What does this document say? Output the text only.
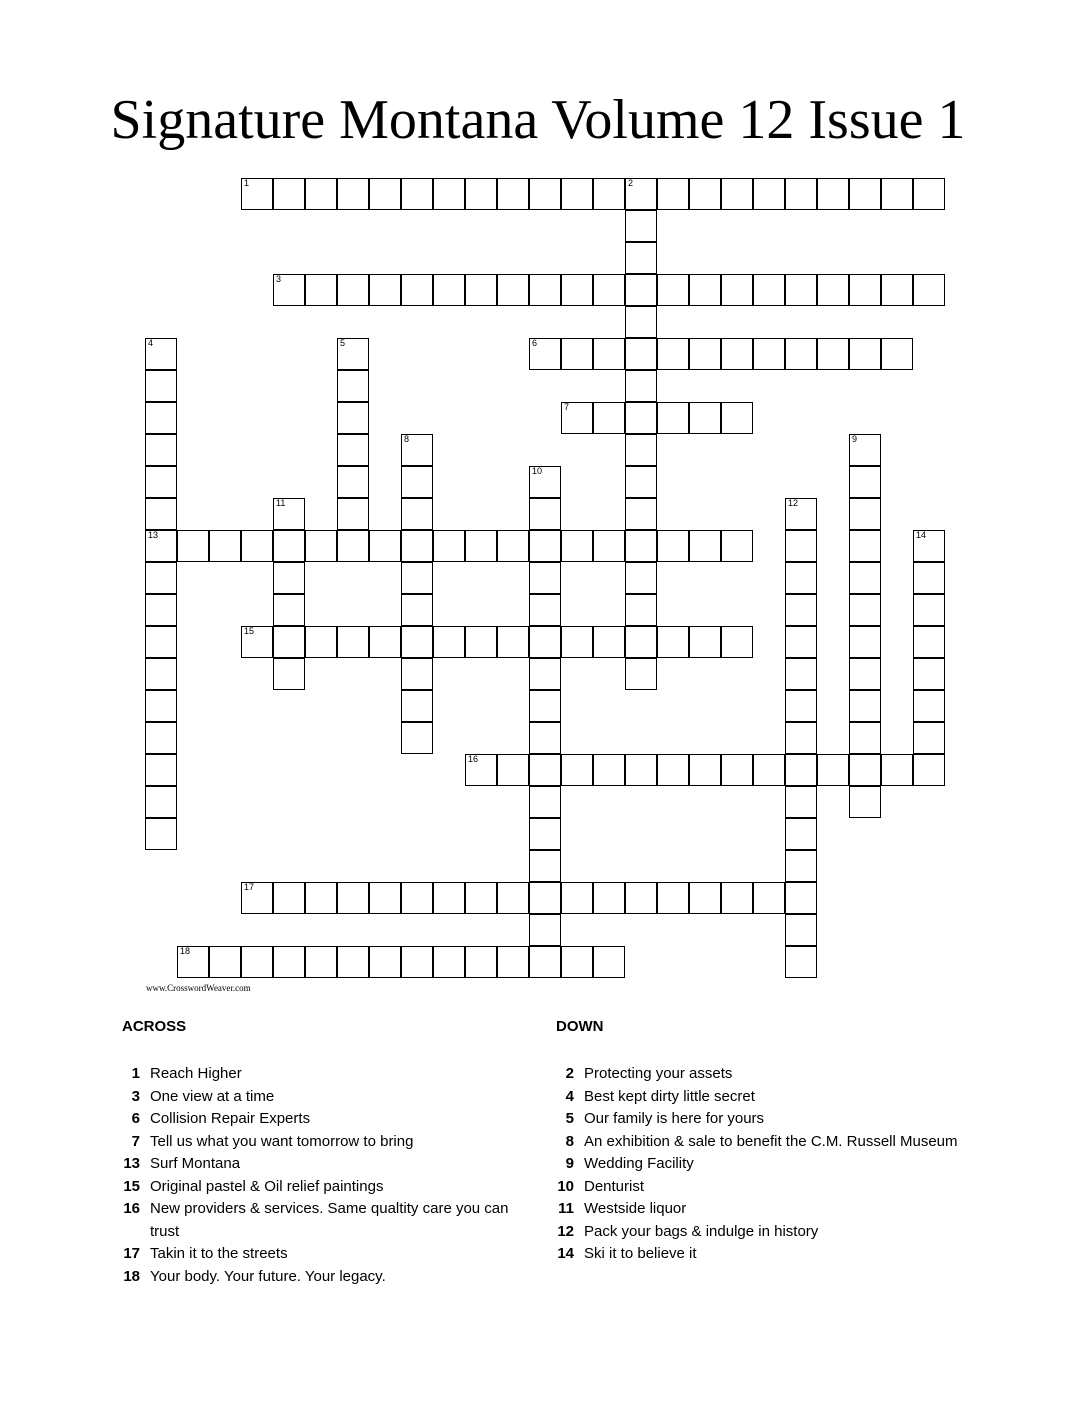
Signature Montana Volume 12 Issue 1
1	2
3
4
13
5	6
7
8	9
10
11	12
14
15
16
17
18
www.CrosswordWeaver.com
ACROSS
1 Reach Higher
3 One view at a time
6 Collision Repair Experts
7 Tell us what you want tomorrow to bring
13 Surf Montana
15 Original pastel & Oil relief paintings
16 New providers & services. Same qualtity care you can trust
17 Takin it to the streets
18 Your body. Your future. Your legacy.
DOWN
2 Protecting your assets
4 Best kept dirty little secret
5 Our family is here for yours
8 An exhibition & sale to benefit the C.M. Russell Museum
9 Wedding Facility
10 Denturist
11 Westside liquor
12 Pack your bags & indulge in history
14 Ski it to believe it
